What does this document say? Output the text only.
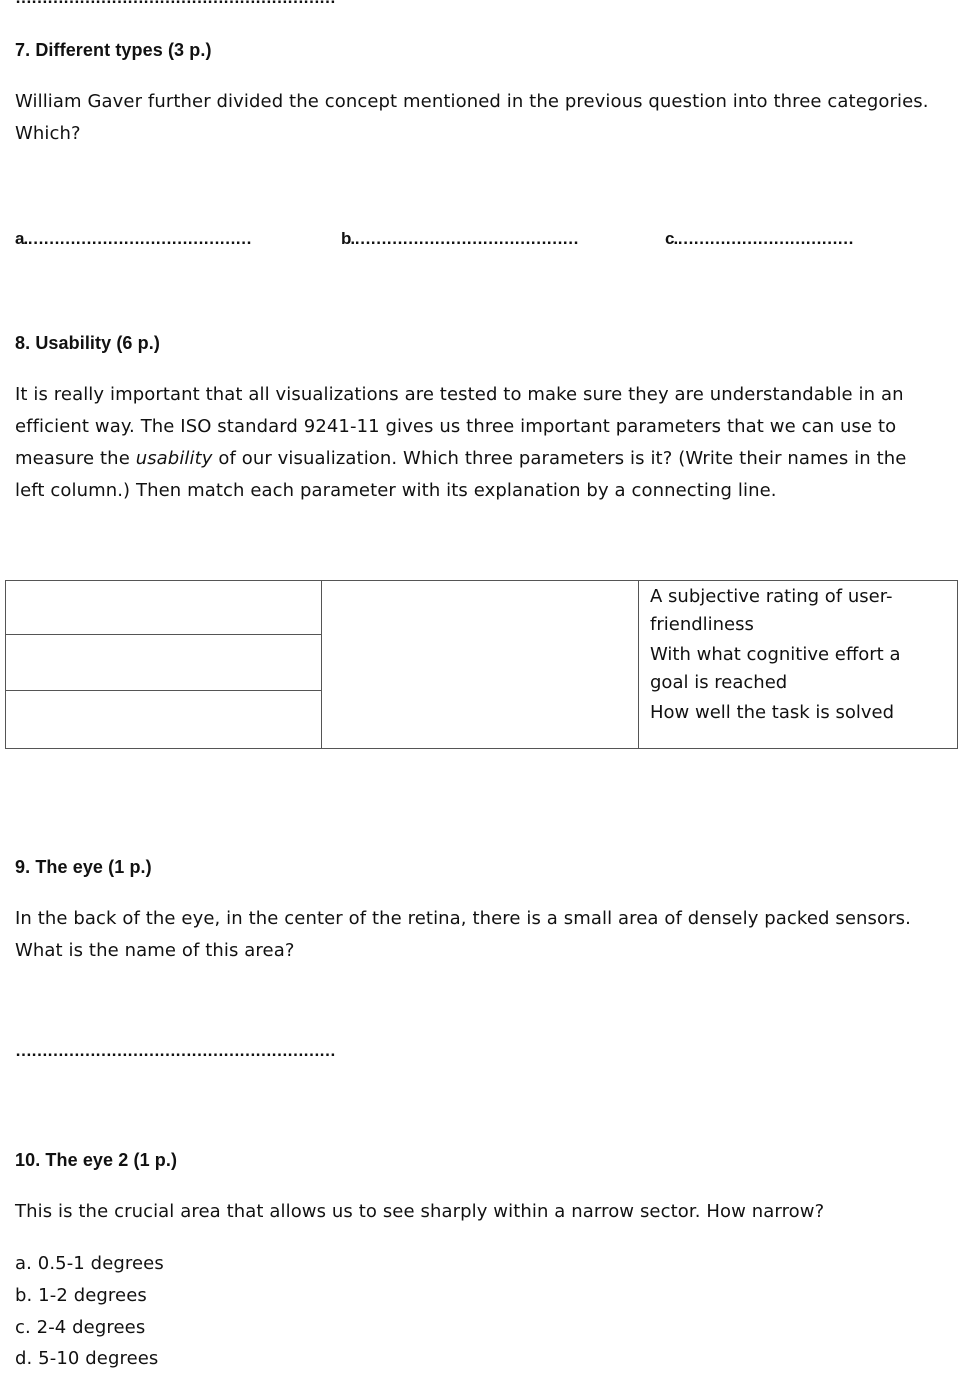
7. Different types (3 p.)
William Gaver further divided the concept mentioned in the previous question into three categories.
Which?
a.……………………………………	b.……………………………………	c.……………………………
8. Usability (6 p.)
It is really important that all visualizations are tested to make sure they are understandable in an
efficient way. The ISO standard 9241-11 gives us three important parameters that we can use to
measure the usability of our visualization. Which three parameters is it? (Write their names in the
left column.) Then match each parameter with its explanation by a connecting line.

A subjective rating of user-friendliness
With what cognitive effort a goal is reached
How well the task is solved

9. The eye (1 p.)
In the back of the eye, in the center of the retina, there is a small area of densely packed sensors.
What is the name of this area?
……………………………………………………
10. The eye 2 (1 p.)
This is the crucial area that allows us to see sharply within a narrow sector. How narrow?
a. 0.5-1 degrees
b. 1-2 degrees
c. 2-4 degrees
d. 5-10 degrees
